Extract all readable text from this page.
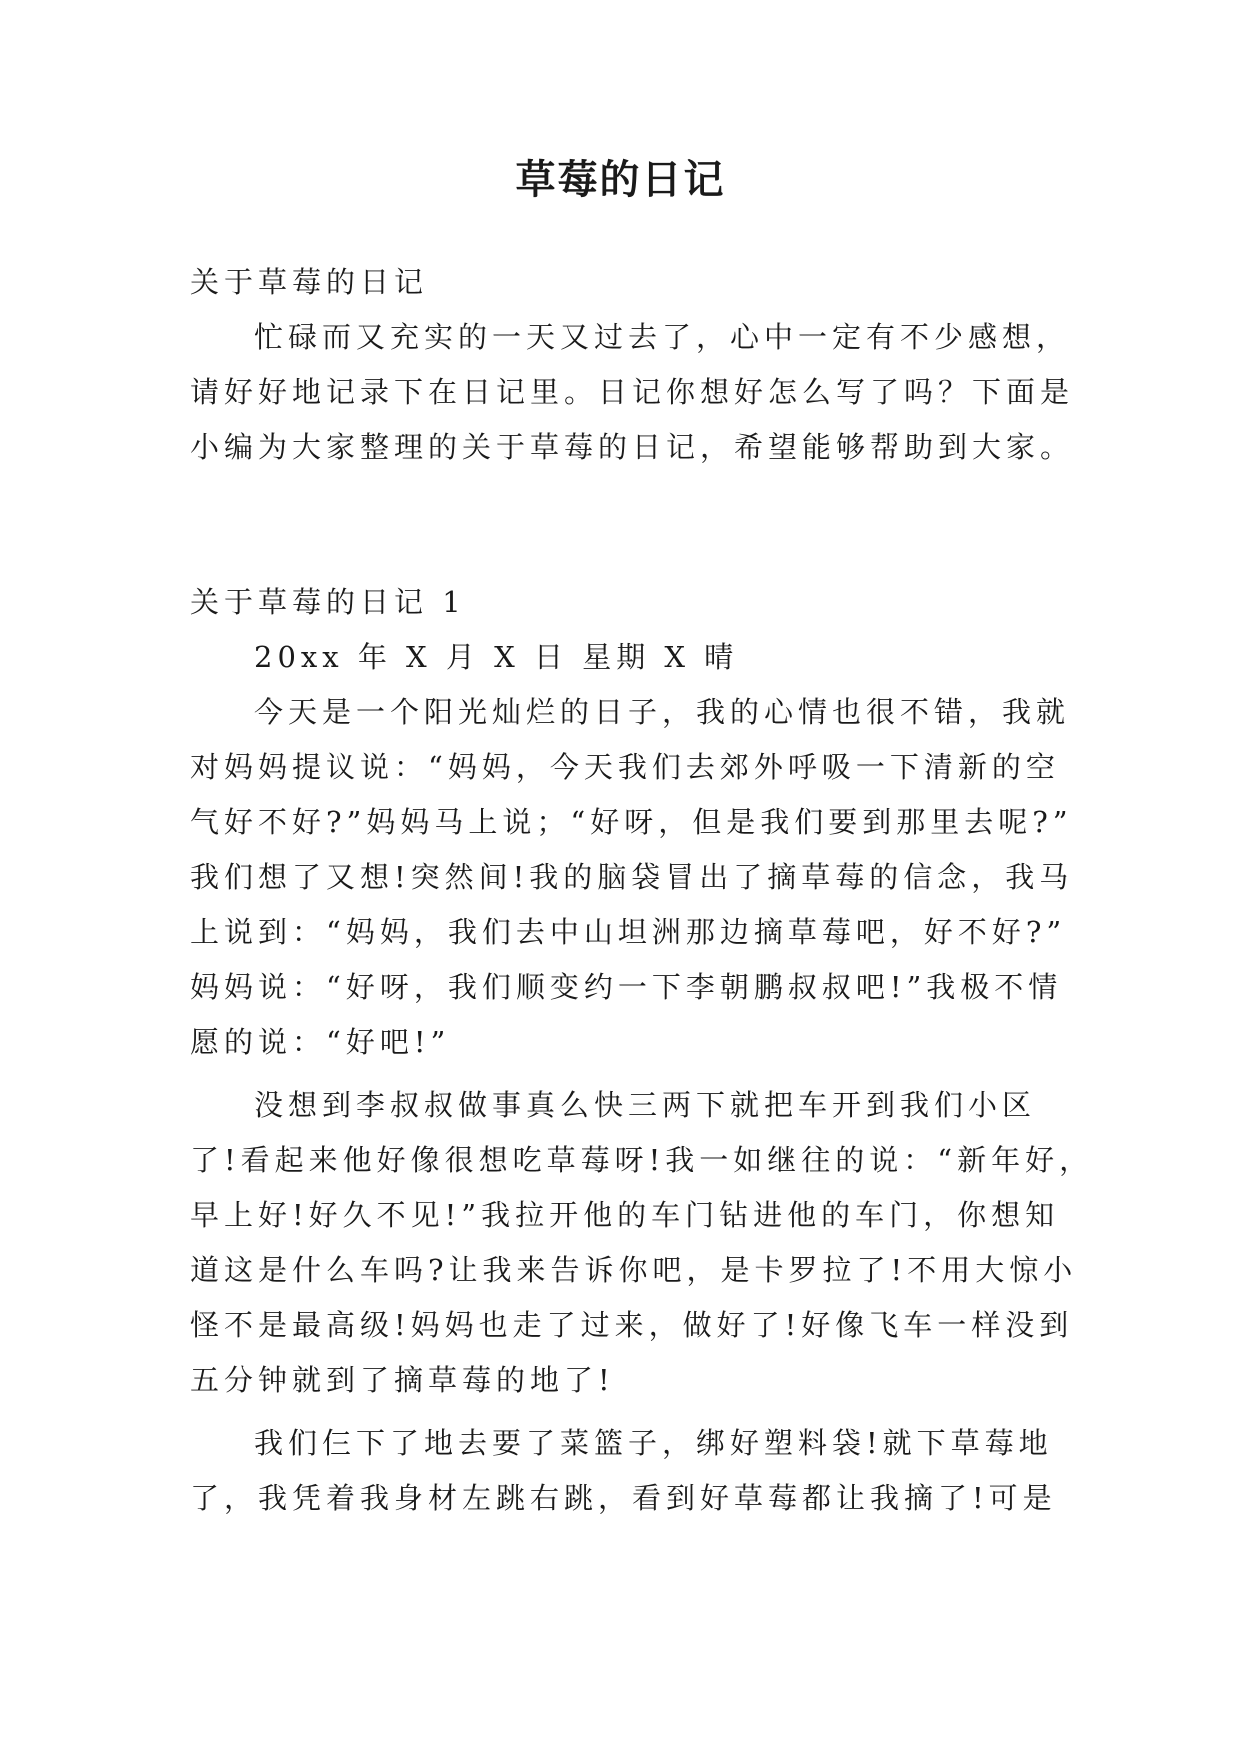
草莓的日记

关于草莓的日记

忙碌而又充实的一天又过去了，心中一定有不少感想，

请好好地记录下在日记里。日记你想好怎么写了吗？下面是

小编为大家整理的关于草莓的日记，希望能够帮助到大家。

关于草莓的日记 1

20xx 年 X 月 X 日 星期 X 晴

今天是一个阳光灿烂的日子，我的心情也很不错，我就

对妈妈提议说：“妈妈，今天我们去郊外呼吸一下清新的空

气好不好?”妈妈马上说；“好呀，但是我们要到那里去呢?”

我们想了又想!突然间!我的脑袋冒出了摘草莓的信念，我马

上说到：“妈妈，我们去中山坦洲那边摘草莓吧，好不好?”

妈妈说：“好呀，我们顺变约一下李朝鹏叔叔吧!”我极不情

愿的说：“好吧!”

没想到李叔叔做事真么快三两下就把车开到我们小区

了!看起来他好像很想吃草莓呀!我一如继往的说：“新年好，

早上好!好久不见!”我拉开他的车门钻进他的车门，你想知

道这是什么车吗?让我来告诉你吧，是卡罗拉了!不用大惊小

怪不是最高级!妈妈也走了过来，做好了!好像飞车一样没到

五分钟就到了摘草莓的地了!

我们仨下了地去要了菜篮子，绑好塑料袋!就下草莓地

了，我凭着我身材左跳右跳，看到好草莓都让我摘了!可是
